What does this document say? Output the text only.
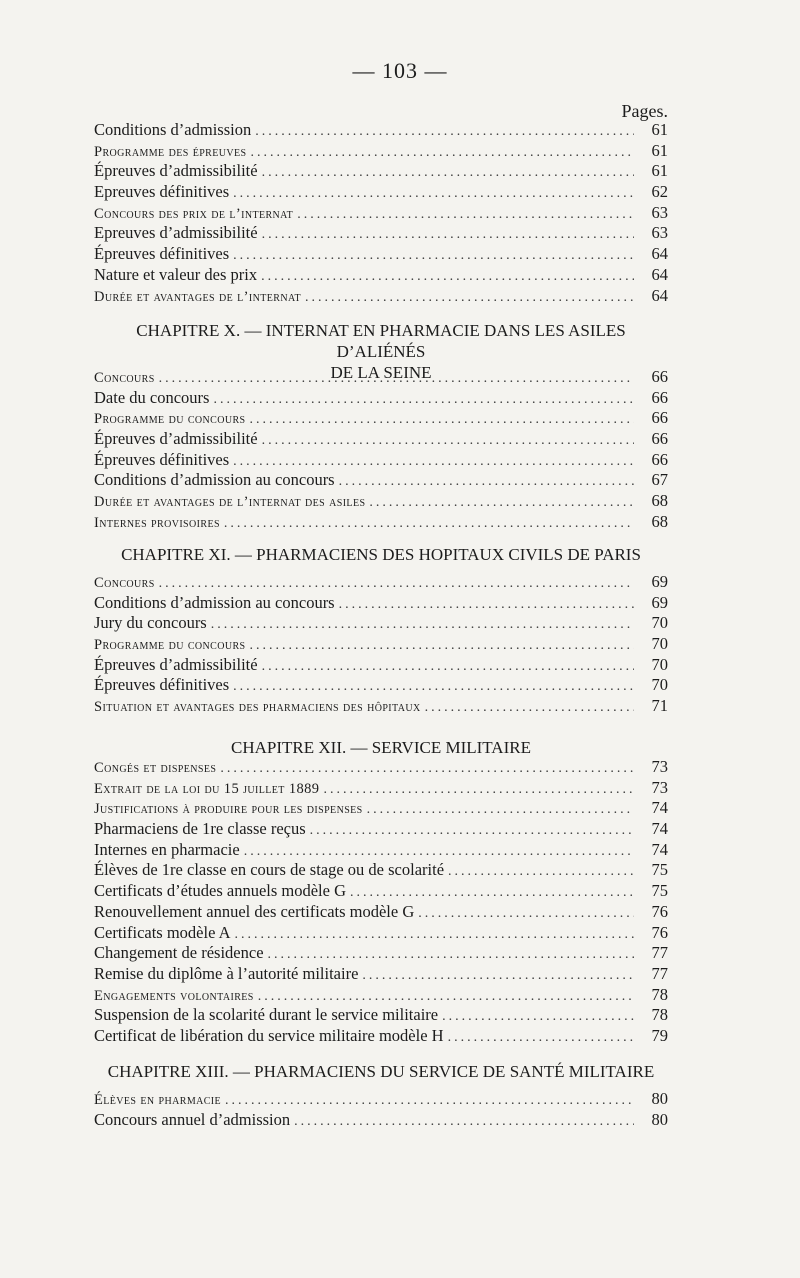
— 103 —
Pages.
Conditions d’admission .....	61
Programme des épreuves .....	61
Épreuves d’admissibilité .....	61
Epreuves définitives .....	62
Concours des prix de l’internat .....	63
Epreuves d’admissibilité .....	63
Épreuves définitives .....	64
Nature et valeur des prix .....	64
Durée et avantages de l’internat .....	64
CHAPITRE X. — INTERNAT EN PHARMACIE DANS LES ASILES D’ALIÉNÉS
DE LA SEINE
Concours .....	66
Date du concours .....	66
Programme du concours .....	66
Épreuves d’admissibilité .....	66
Épreuves définitives .....	66
Conditions d’admission au concours .....	67
Durée et avantages de l’internat des asiles .....	68
Internes provisoires .....	68
CHAPITRE XI. — PHARMACIENS DES HOPITAUX CIVILS DE PARIS
Concours .....	69
Conditions d’admission au concours .....	69
Jury du concours .....	70
Programme du concours .....	70
Épreuves d’admissibilité .....	70
Épreuves définitives .....	70
Situation et avantages des pharmaciens des hôpitaux .....	71
CHAPITRE XII. — SERVICE MILITAIRE
Congés et dispenses .....	73
Extrait de la loi du 15 juillet 1889 .....	73
Justifications à produire pour les dispenses .....	74
Pharmaciens de 1re classe reçus .....	74
Internes en pharmacie .....	74
Élèves de 1re classe en cours de stage ou de scolarité .....	75
Certificats d’études annuels modèle G .....	75
Renouvellement annuel des certificats modèle G .....	76
Certificats modèle A .....	76
Changement de résidence .....	77
Remise du diplôme à l’autorité militaire .....	77
Engagements volontaires .....	78
Suspension de la scolarité durant le service militaire .....	78
Certificat de libération du service militaire modèle H .....	79
CHAPITRE XIII. — PHARMACIENS DU SERVICE DE SANTÉ MILITAIRE
Élèves en pharmacie .....	80
Concours annuel d’admission .....	80
